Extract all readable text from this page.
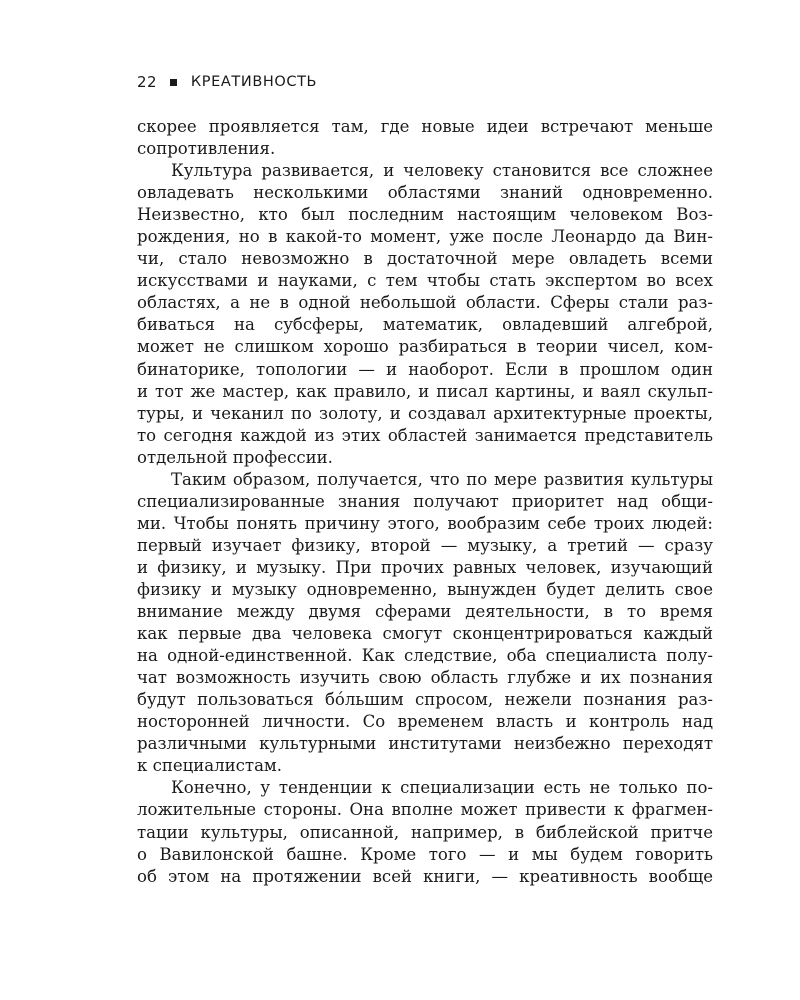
22 КРЕАТИВНОСТЬ
скорее проявляется там, где новые идеи встречают меньше
сопротивления.
Культура развивается, и человеку становится все сложнее
овладевать несколькими областями знаний одновременно.
Неизвестно, кто был последним настоящим человеком Воз-
рождения, но в какой-то момент, уже после Леонардо да Вин-
чи, стало невозможно в достаточной мере овладеть всеми
искусствами и науками, с тем чтобы стать экспертом во всех
областях, а не в одной небольшой области. Сферы стали раз-
биваться на субсферы, математик, овладевший алгеброй,
может не слишком хорошо разбираться в теории чисел, ком-
бинаторике, топологии — и наоборот. Если в прошлом один
и тот же мастер, как правило, и писал картины, и ваял скульп-
туры, и чеканил по золоту, и создавал архитектурные проекты,
то сегодня каждой из этих областей занимается представитель
отдельной профессии.
Таким образом, получается, что по мере развития культуры
специализированные знания получают приоритет над общи-
ми. Чтобы понять причину этого, вообразим себе троих людей:
первый изучает физику, второй — музыку, а третий — сразу
и физику, и музыку. При прочих равных человек, изучающий
физику и музыку одновременно, вынужден будет делить свое
внимание между двумя сферами деятельности, в то время
как первые два человека смогут сконцентрироваться каждый
на одной-единственной. Как следствие, оба специалиста полу-
чат возможность изучить свою область глубже и их познания
будут пользоваться бóльшим спросом, нежели познания раз-
носторонней личности. Со временем власть и контроль над
различными культурными институтами неизбежно переходят
к специалистам.
Конечно, у тенденции к специализации есть не только по-
ложительные стороны. Она вполне может привести к фрагмен-
тации культуры, описанной, например, в библейской притче
о Вавилонской башне. Кроме того — и мы будем говорить
об этом на протяжении всей книги, — креативность вообще
